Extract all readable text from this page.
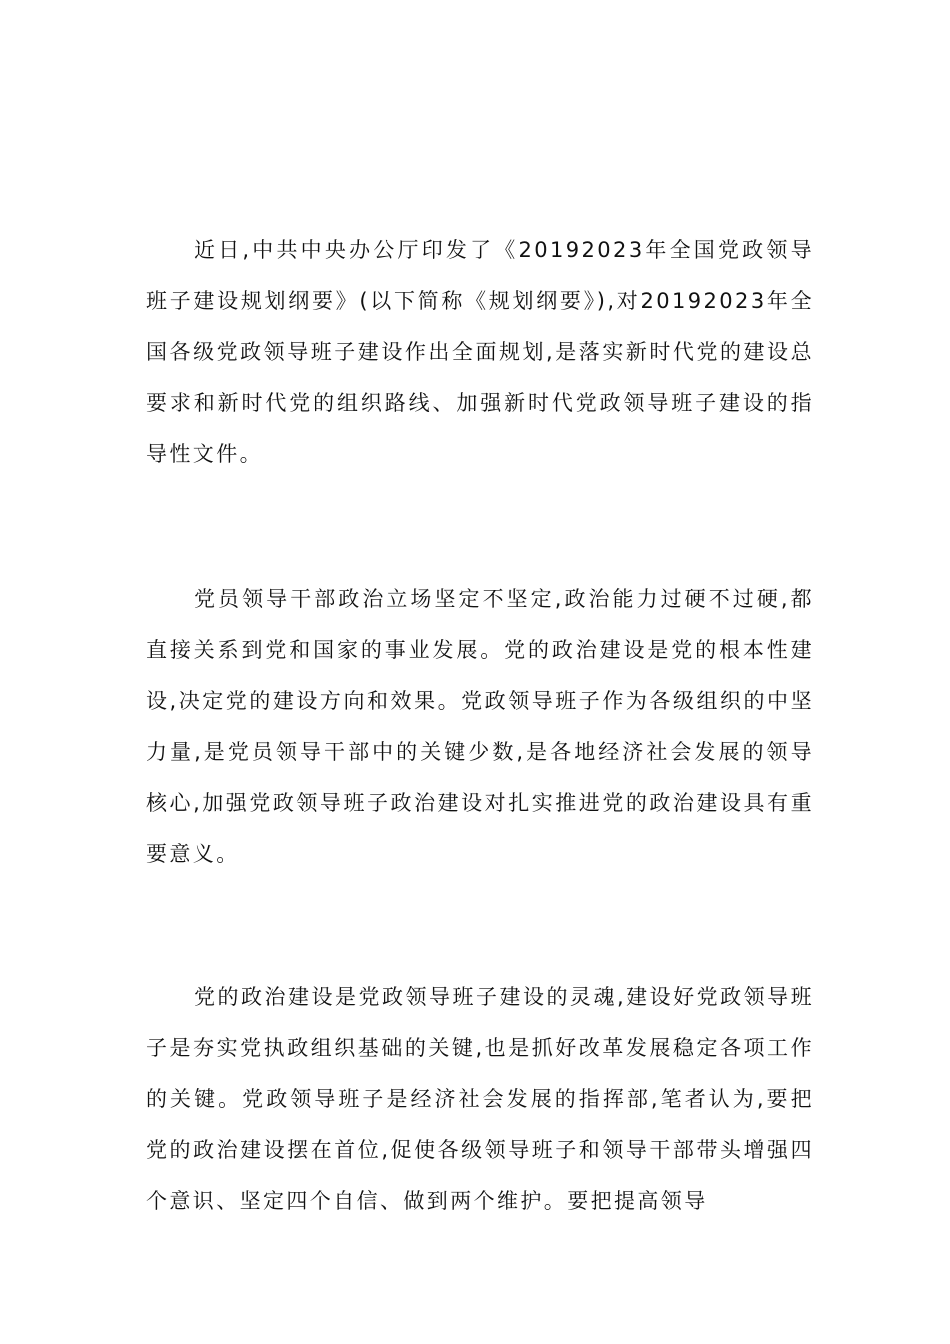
近日,中共中央办公厅印发了《20192023年全国党政领导班子建设规划纲要》(以下简称《规划纲要》),对20192023年全国各级党政领导班子建设作出全面规划,是落实新时代党的建设总要求和新时代党的组织路线、加强新时代党政领导班子建设的指导性文件。

党员领导干部政治立场坚定不坚定,政治能力过硬不过硬,都直接关系到党和国家的事业发展。党的政治建设是党的根本性建设,决定党的建设方向和效果。党政领导班子作为各级组织的中坚力量,是党员领导干部中的关键少数,是各地经济社会发展的领导核心,加强党政领导班子政治建设对扎实推进党的政治建设具有重要意义。

党的政治建设是党政领导班子建设的灵魂,建设好党政领导班子是夯实党执政组织基础的关键,也是抓好改革发展稳定各项工作的关键。党政领导班子是经济社会发展的指挥部,笔者认为,要把党的政治建设摆在首位,促使各级领导班子和领导干部带头增强四个意识、坚定四个自信、做到两个维护。要把提高领导
